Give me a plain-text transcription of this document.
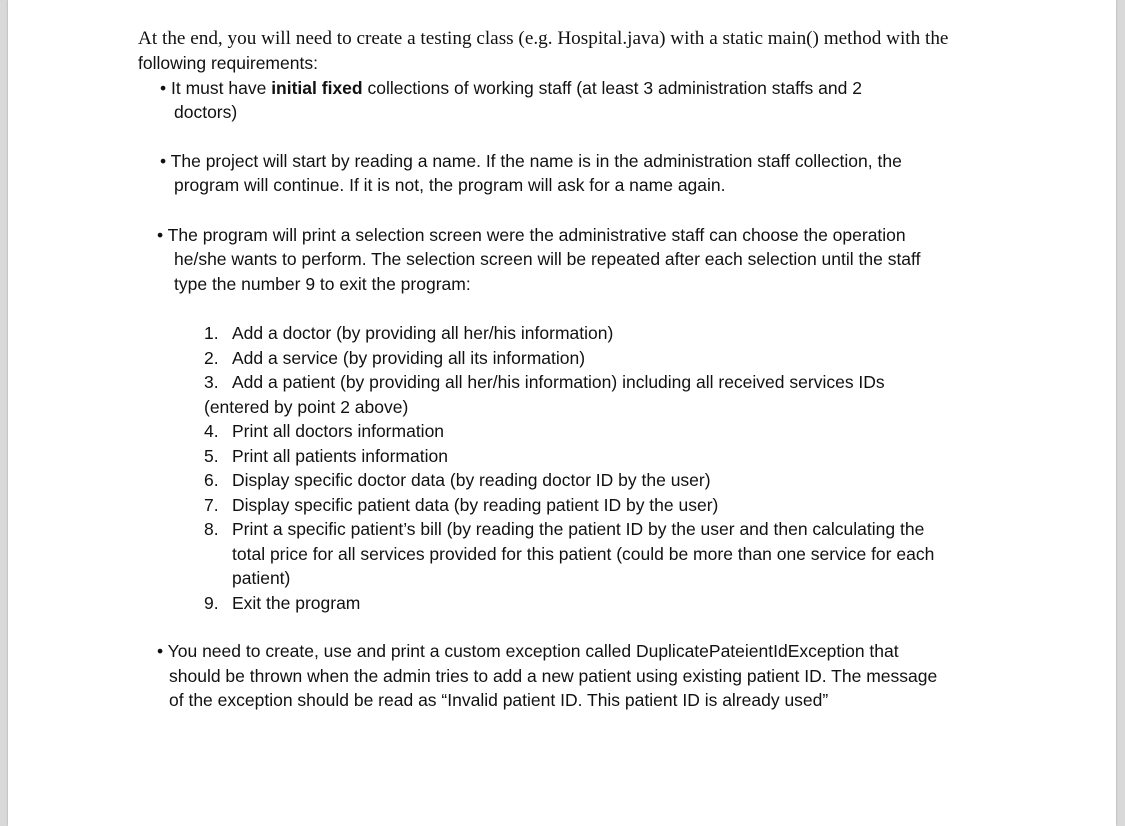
At the end, you will need to create a testing class (e.g. Hospital.java) with a static main() method with the
following requirements:
• It must have initial fixed collections of working staff (at least 3 administration staffs and 2
doctors)
• The project will start by reading a name. If the name is in the administration staff collection, the
program will continue. If it is not, the program will ask for a name again.
• The program will print a selection screen were the administrative staff can choose the operation
he/she wants to perform. The selection screen will be repeated after each selection until the staff
type the number 9 to exit the program:
1. Add a doctor (by providing all her/his information)
2. Add a service (by providing all its information)
3. Add a patient (by providing all her/his information) including all received services IDs
(entered by point 2 above)
4. Print all doctors information
5. Print all patients information
6. Display specific doctor data (by reading doctor ID by the user)
7. Display specific patient data (by reading patient ID by the user)
8. Print a specific patient’s bill (by reading the patient ID by the user and then calculating the
total price for all services provided for this patient (could be more than one service for each
patient)
9. Exit the program
• You need to create, use and print a custom exception called DuplicatePateientIdException that
should be thrown when the admin tries to add a new patient using existing patient ID. The message
of the exception should be read as “Invalid patient ID. This patient ID is already used”
